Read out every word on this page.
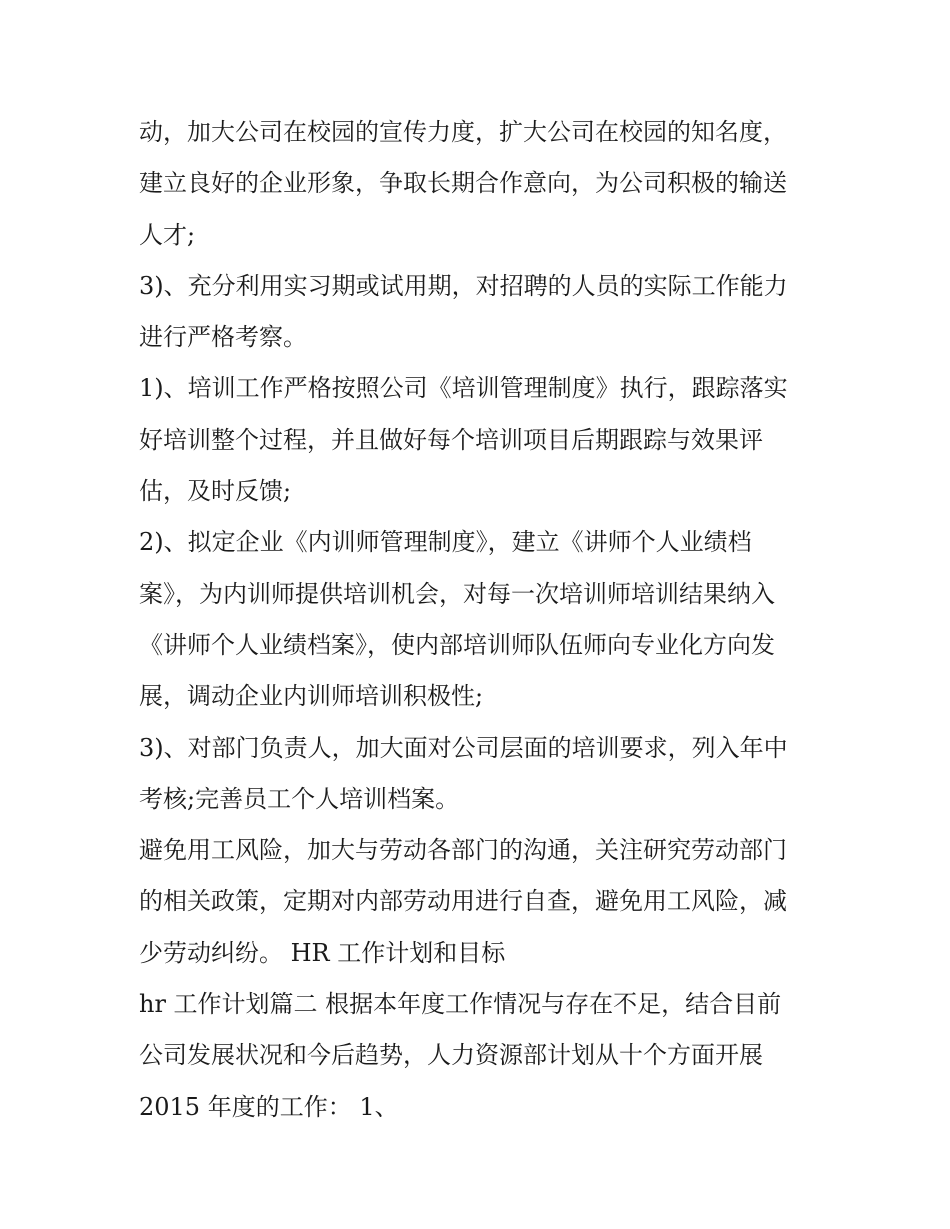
动，加大公司在校园的宣传力度，扩大公司在校园的知名度，
建立良好的企业形象，争取长期合作意向，为公司积极的输送
人才;
3)、充分利用实习期或试用期，对招聘的人员的实际工作能力
进行严格考察。
1)、培训工作严格按照公司《培训管理制度》执行，跟踪落实
好培训整个过程，并且做好每个培训项目后期跟踪与效果评
估，及时反馈;
2)、拟定企业《内训师管理制度》，建立《讲师个人业绩档
案》，为内训师提供培训机会，对每一次培训师培训结果纳入
《讲师个人业绩档案》，使内部培训师队伍师向专业化方向发
展，调动企业内训师培训积极性;
3)、对部门负责人，加大面对公司层面的培训要求，列入年中
考核;完善员工个人培训档案。
避免用工风险，加大与劳动各部门的沟通，关注研究劳动部门
的相关政策，定期对内部劳动用进行自查，避免用工风险，减
少劳动纠纷。 HR 工作计划和目标
hr 工作计划篇二 根据本年度工作情况与存在不足，结合目前
公司发展状况和今后趋势，人力资源部计划从十个方面开展
2015 年度的工作： 1、
